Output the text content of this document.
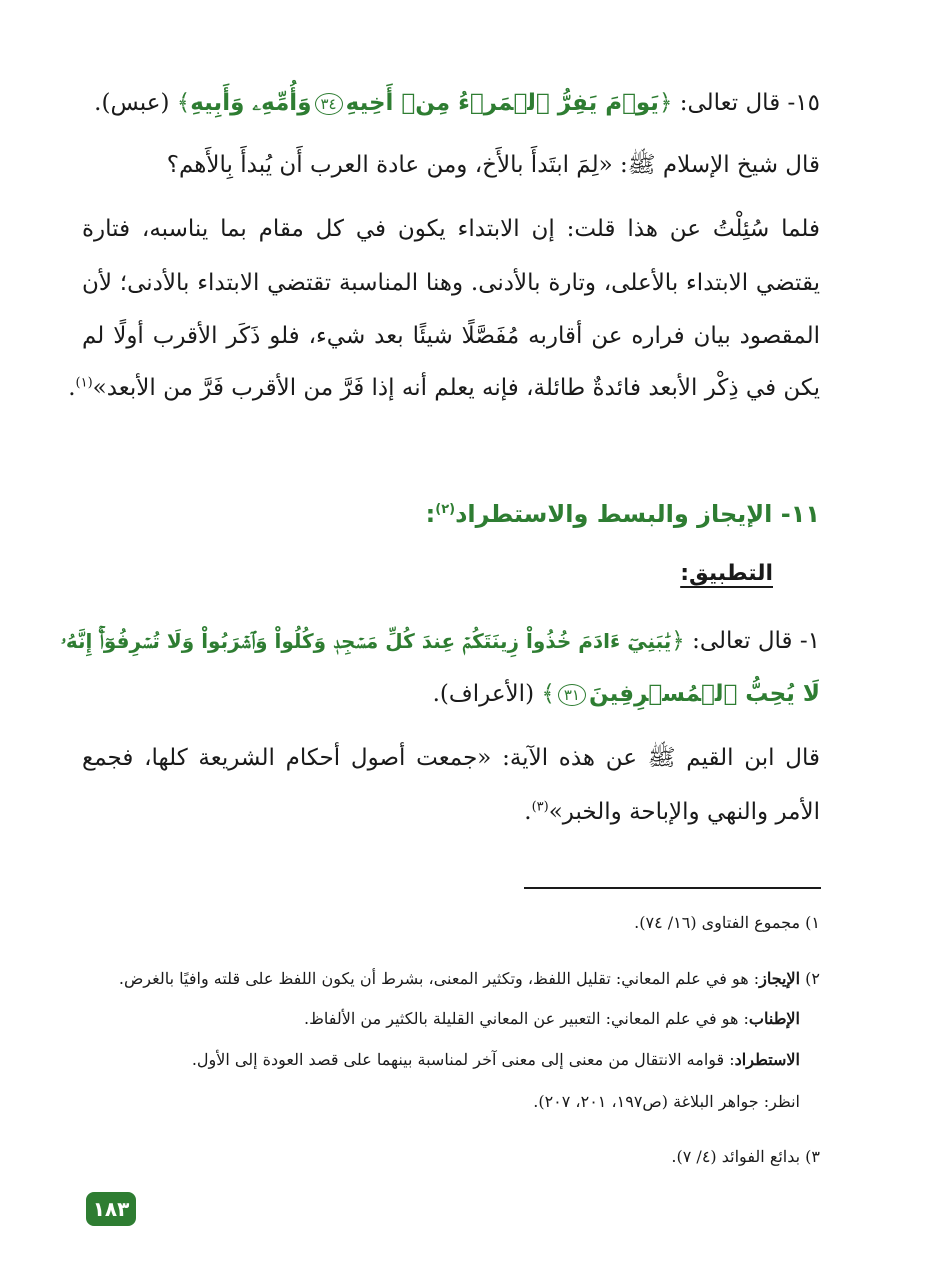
١٥- قال تعالى: ﴿يَوۡمَ يَفِرُّ ٱلۡمَرۡءُ مِنۡ أَخِيهِ٣٤وَأُمِّهِۦ وَأَبِيهِ﴾ (عبس).
قال شيخ الإسلام ﷺ: «لِمَ ابتَدأَ بالأَخ، ومن عادة العرب أَن يُبدأَ بِالأَهم؟
فلما سُئِلْتُ عن هذا قلت: إن الابتداء يكون في كل مقام بما يناسبه، فتارة
يقتضي الابتداء بالأعلى، وتارة بالأدنى. وهنا المناسبة تقتضي الابتداء بالأدنى؛ لأن
المقصود بيان فراره عن أقاربه مُفَصَّلًا شيئًا بعد شيء، فلو ذَكَر الأقرب أولًا لم
يكن في ذِكْر الأبعد فائدةٌ طائلة، فإنه يعلم أنه إذا فَرَّ من الأقرب فَرَّ من الأبعد»$^{(١)}$.
١١- الإيجاز والبسط والاستطراد$^{(٢)}$:
التطبيق:
١- قال تعالى: ﴿يَٰبَنِيٓ ءَادَمَ خُذُواْ زِينَتَكُمۡ عِندَ كُلِّ مَسۡجِدٖ وَكُلُواْ وَٱشۡرَبُواْ وَلَا تُسۡرِفُوٓاْۚ إِنَّهُۥ
لَا يُحِبُّ ٱلۡمُسۡرِفِينَ٣١﴾ (الأعراف).
قال ابن القيم ﷺ عن هذه الآية: «جمعت أصول أحكام الشريعة كلها، فجمع
الأمر والنهي والإباحة والخبر»$^{(٣)}$.
١) مجموع الفتاوى (١٦/ ٧٤).
٢) الإيجاز: هو في علم المعاني: تقليل اللفظ، وتكثير المعنى، بشرط أن يكون اللفظ على قلته وافيًا بالغرض.
الإطناب: هو في علم المعاني: التعبير عن المعاني القليلة بالكثير من الألفاظ.
الاستطراد: قوامه الانتقال من معنى إلى معنى آخر لمناسبة بينهما على قصد العودة إلى الأول.
انظر: جواهر البلاغة (ص١٩٧، ٢٠١، ٢٠٧).
٣) بدائع الفوائد (٤/ ٧).
١٨٣
